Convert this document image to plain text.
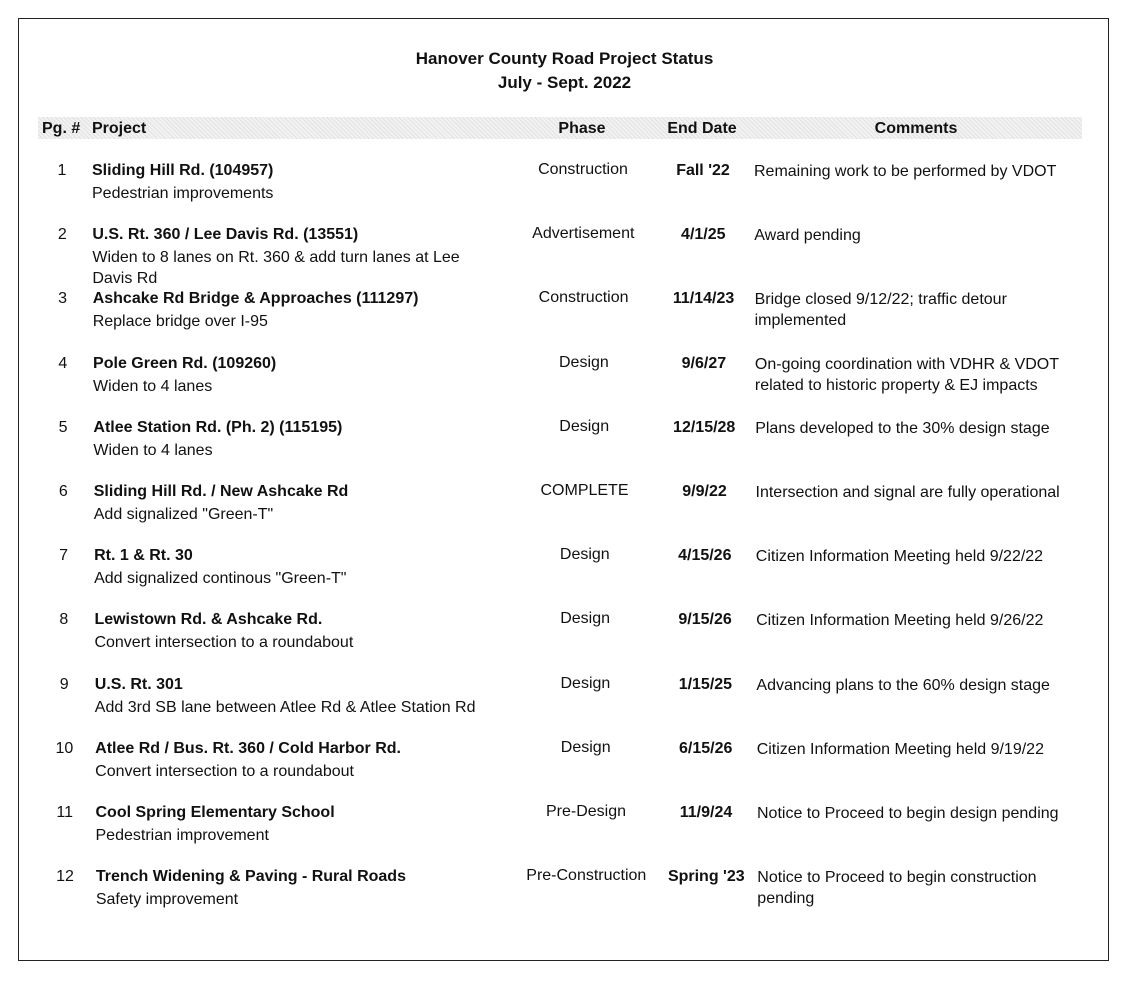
Hanover County Road Project Status
July - Sept. 2022
Pg. # Project	Phase	End Date	Comments
1	Sliding Hill Rd. (104957)
Pedestrian improvements
Construction	Fall '22	Remaining work to be performed by VDOT
2	U.S. Rt. 360 / Lee Davis Rd. (13551)
Widen to 8 lanes on Rt. 360 & add turn lanes at Lee Davis Rd
Advertisement	4/1/25	Award pending
3	Ashcake Rd Bridge & Approaches (111297)
Replace bridge over I-95
Construction	11/14/23	Bridge closed 9/12/22; traffic detour implemented
4	Pole Green Rd. (109260)
Widen to 4 lanes
Design	9/6/27	On-going coordination with VDHR & VDOT related to historic property & EJ impacts
5	Atlee Station Rd. (Ph. 2) (115195)
Widen to 4 lanes
Design	12/15/28	Plans developed to the 30% design stage
6	Sliding Hill Rd. / New Ashcake Rd
Add signalized "Green-T"
COMPLETE	9/9/22	Intersection and signal are fully operational
7	Rt. 1 & Rt. 30
Add signalized continous "Green-T"
Design	4/15/26	Citizen Information Meeting held 9/22/22
8	Lewistown Rd. & Ashcake Rd.
Convert intersection to a roundabout
Design	9/15/26	Citizen Information Meeting held 9/26/22
9	U.S. Rt. 301
Add 3rd SB lane between Atlee Rd & Atlee Station Rd
Design	1/15/25	Advancing plans to the 60% design stage
10	Atlee Rd / Bus. Rt. 360 / Cold Harbor Rd.
Convert intersection to a roundabout
Design	6/15/26	Citizen Information Meeting held 9/19/22
11	Cool Spring Elementary School
Pedestrian improvement
Pre-Design	11/9/24	Notice to Proceed to begin design pending
12	Trench Widening & Paving - Rural Roads
Safety improvement
Pre-Construction	Spring '23 Notice to Proceed to begin construction pending
